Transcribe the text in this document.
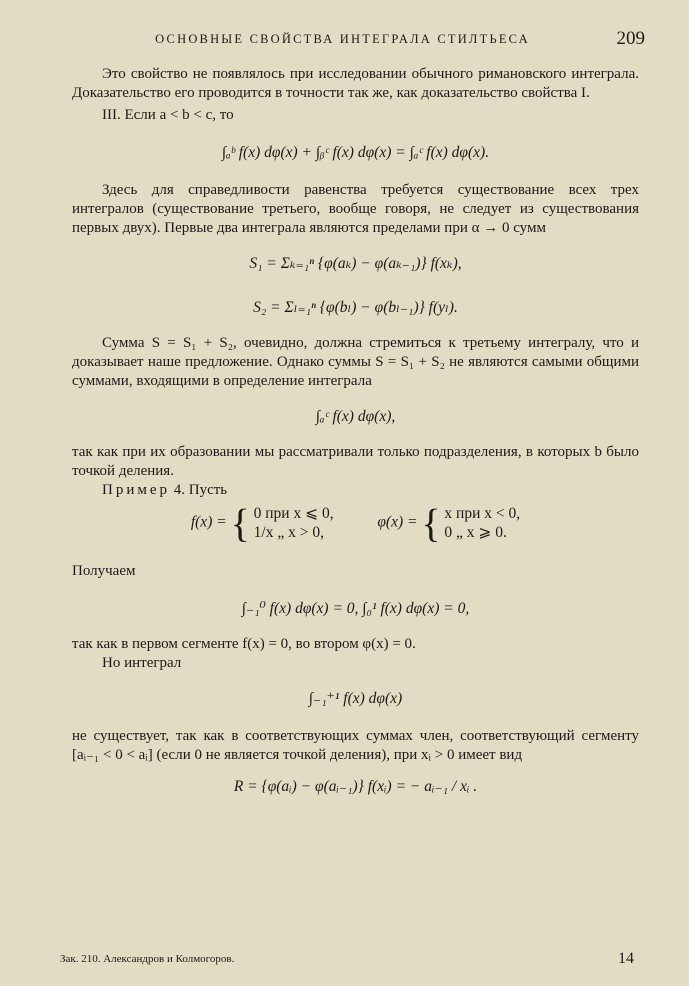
ОСНОВНЫЕ СВОЙСТВА ИНТЕГРАЛА СТИЛТЬЕСА	209

Это свойство не появлялось при исследовании обычного римановского интеграла. Доказательство его проводится в точности так же, как доказательство свойства I.

III. Если a < b < c, то

∫ₐᵇ f(x) dφ(x) + ∫ᵦᶜ f(x) dφ(x) = ∫ₐᶜ f(x) dφ(x).

Здесь для справедливости равенства требуется существование всех трех интегралов (существование третьего, вообще говоря, не следует из существования первых двух). Первые два интеграла являются пределами при α → 0 сумм

S₁ = Σₖ₌₁ⁿ {φ(aₖ) − φ(aₖ₋₁)} f(xₖ),
S₂ = Σₗ₌₁ⁿ {φ(bₗ) − φ(bₗ₋₁)} f(yₗ).

Сумма S = S₁ + S₂, очевидно, должна стремиться к третьему интегралу, что и доказывает наше предложение. Однако суммы S = S₁ + S₂ не являются самыми общими суммами, входящими в определение интеграла

∫ₐᶜ f(x) dφ(x),

так как при их образовании мы рассматривали только подразделения, в которых b было точкой деления.

Пример 4. Пусть

f(x) = { 0 при x ⩽ 0,
1/x „ x > 0,
φ(x) = { x при x < 0,
0 „ x ⩾ 0.

Получаем

∫₋₁⁰ f(x) dφ(x) = 0, ∫₀¹ f(x) dφ(x) = 0,

так как в первом сегменте f(x) = 0, во втором φ(x) = 0.

Но интеграл

∫₋₁⁺¹ f(x) dφ(x)

не существует, так как в соответствующих суммах член, соответствующий сегменту [aᵢ₋₁ < 0 < aᵢ] (если 0 не является точкой деления), при xᵢ > 0 имеет вид

R = {φ(aᵢ) − φ(aᵢ₋₁)} f(xᵢ) = − aᵢ₋₁ / xᵢ .
Зак. 210. Александров и Колмогоров.	14
